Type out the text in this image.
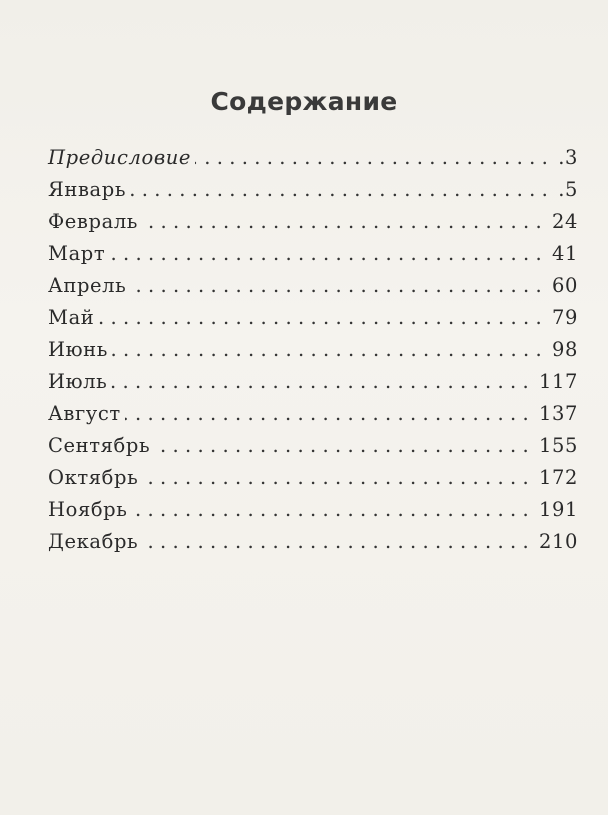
Содержание
Предисловие .....	.3
Январь .....	.5
Февраль .....	24
Март .....	41
Апрель .....	60
Май .....	79
Июнь .....	98
Июль .....	117
Август .....	137
Сентябрь .....	155
Октябрь .....	172
Ноябрь .....	191
Декабрь .....	210
